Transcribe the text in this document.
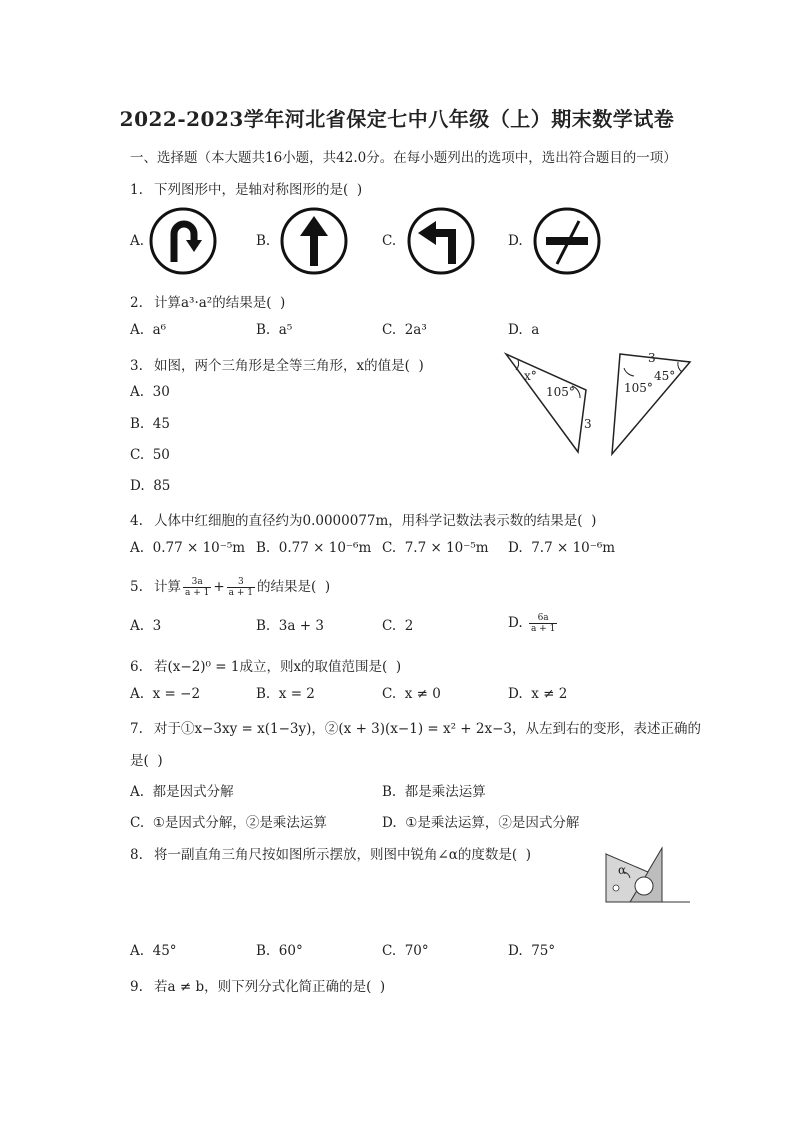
2022-2023学年河北省保定七中八年级（上）期末数学试卷
一、选择题（本大题共16小题，共42.0分。在每小题列出的选项中，选出符合题目的一项）
1. 下列图形中，是轴对称图形的是(  )
A.	B.	C.	D.
2. 计算a³·a²的结果是(  )
A.  a⁶	B.  a⁵	C.  2a³	D.  a
3. 如图，两个三角形是全等三角形，x的值是(  )
A.  30
B.  45
C.  50
D.  85
x°
105°
3
3
45°
105°
4. 人体中红细胞的直径约为0.0000077m，用科学记数法表示数的结果是(  )
A.  0.77 × 10⁻⁵m B.  0.77 × 10⁻⁶m C.  7.7 × 10⁻⁵m D.  7.7 × 10⁻⁶m
5. 计算 $\frac{3a}{a + 1} + \frac{3}{a + 1}$ 的结果是(  )
A.  3	B.  3a + 3	C.  2	D. $\frac{6a}{a + 1}$
6. 若(x−2)⁰ = 1成立，则x的取值范围是(  )
A.  x = −2	B.  x = 2	C.  x ≠ 0	D.  x ≠ 2
7. 对于①x−3xy = x(1−3y)，②(x + 3)(x−1) = x² + 2x−3，从左到右的变形，表述正确的
是(  )
A.  都是因式分解	B.  都是乘法运算
C.  ①是因式分解，②是乘法运算	D.  ①是乘法运算，②是因式分解
8. 将一副直角三角尺按如图所示摆放，则图中锐角∠α的度数是(  )
α
A.  45°	B.  60°	C.  70°	D.  75°
9. 若a ≠ b，则下列分式化简正确的是(  )
